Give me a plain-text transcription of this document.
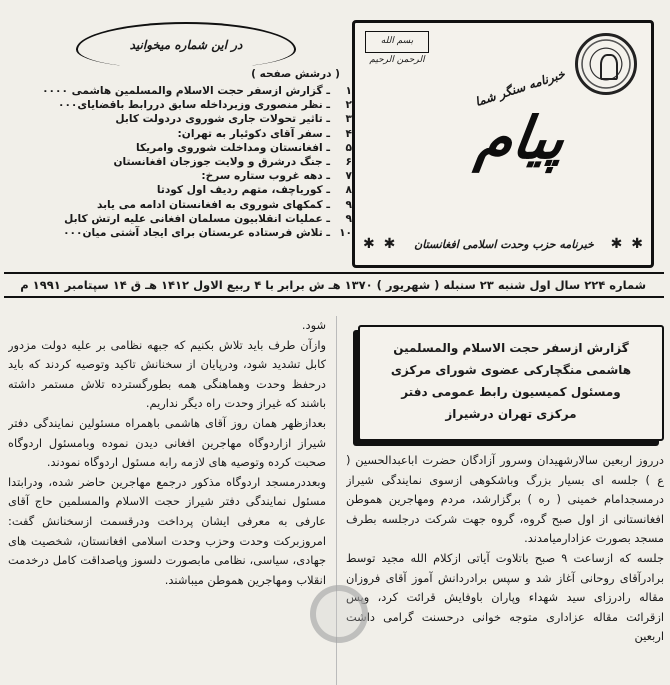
بسم الله الرحمن الرحیم
خبرنامه سنگر شما
پیام
✱ ✱ خبرنامه حزب وحدت اسلامی افغانستان ✱ ✱
در این شماره میخوانید
( درشش صفحه )
۱ـ گزارش ازسفر حجت الاسلام والمسلمین هاشمی ۰۰۰۰
۲ـ نظر منصوری وزیرداخله سابق دررابط باقضایای۰۰۰
۳ـ تاثیر تحولات جاری شوروی دردولت کابل
۴ـ سفر آقای دکوئیار به تهران:
۵ـ افغانستان ومداخلت شوروی وامریکا
۶ـ جنگ درشرق و ولایت جوزجان افغانستان
۷ـ دهه غروب ستاره سرخ:
۸ـ کوریاچف، متهم ردیف اول کودتا
۹ـ کمکهای شوروی به افغانستان ادامه می یابد
۹ـ عملیات انقلابیون مسلمان افغانی علیه ارتش کابل
۱۰ـ تلاش فرستاده عربستان برای ایجاد آشتی میان۰۰۰
شماره ۲۲۴ سال اول شنبه ۲۳ سنبله ( شهریور ) ۱۳۷۰ هـ ش برابر با ۴ ربیع الاول ۱۴۱۲ هـ ق ۱۴ سپتامبر ۱۹۹۱ م
گزارش ازسفر حجت الاسلام والمسلمین
هاشمی منگچارکی عضوی شورای مرکزی
ومسئول کمیسیون رابط عمومی دفتر
مرکزی تهران درشیراز

درروز اربعین سالارشهیدان وسرور آزادگان حضرت اباعبدالحسین ( ع ) جلسه ای بسیار بزرگ وباشکوهی ازسوی نمایندگی شیراز درمسجدامام خمینی ( ره ) برگزارشد، مردم ومهاجرین هموطن افغانستانی از اول صبح گروه، گروه جهت شرکت درجلسه بطرف مسجد بصورت عزادارمیامدند.

جلسه که ازساعت ۹ صبح باتلاوت آیاتی ازکلام الله مجید توسط برادرآقای روحانی آغاز شد و سپس برادردانش آموز آقای فروزان مقاله رادرزای سید شهداء وپاران باوفایش قرائت کرد، وپس ازقرائت مقاله عزاداری متوجه خوانی درحسنت گرامی داشت اربعین

شود.

وازآن طرف باید تلاش بکنیم که جبهه نظامی بر علیه دولت مزدور کابل تشدید شود، ودرپایان از سخنانش تاکید وتوصیه کردند که باید درحفظ وحدت وهماهنگی همه بطورگسترده تلاش مستمر داشته باشند که غیراز وحدت راه دیگر نداریم.

بعدازظهر همان روز آقای هاشمی باهمراه مسئولین نمایندگی دفتر شیراز ازاردوگاه مهاجرین افغانی دیدن نموده وبامسئول اردوگاه صحبت کرده وتوصیه های لازمه رابه مسئول اردوگاه نمودند.

وبعددرمسجد اردوگاه مذکور درجمع مهاجرین حاضر شده، ودرابتدا مسئول نمایندگی دفتر شیراز حجت الاسلام والمسلمین حاج آقای عارفی به معرفی ایشان پرداخت ودرقسمت ازسخنانش گفت: امروزبرکت وحدت وحزب وحدت اسلامی افغانستان، شخصیت های جهادی، سیاسی، نظامی مابصورت دلسوز وپاصداقت کامل درخدمت انقلاب ومهاجرین هموطن میباشند.
